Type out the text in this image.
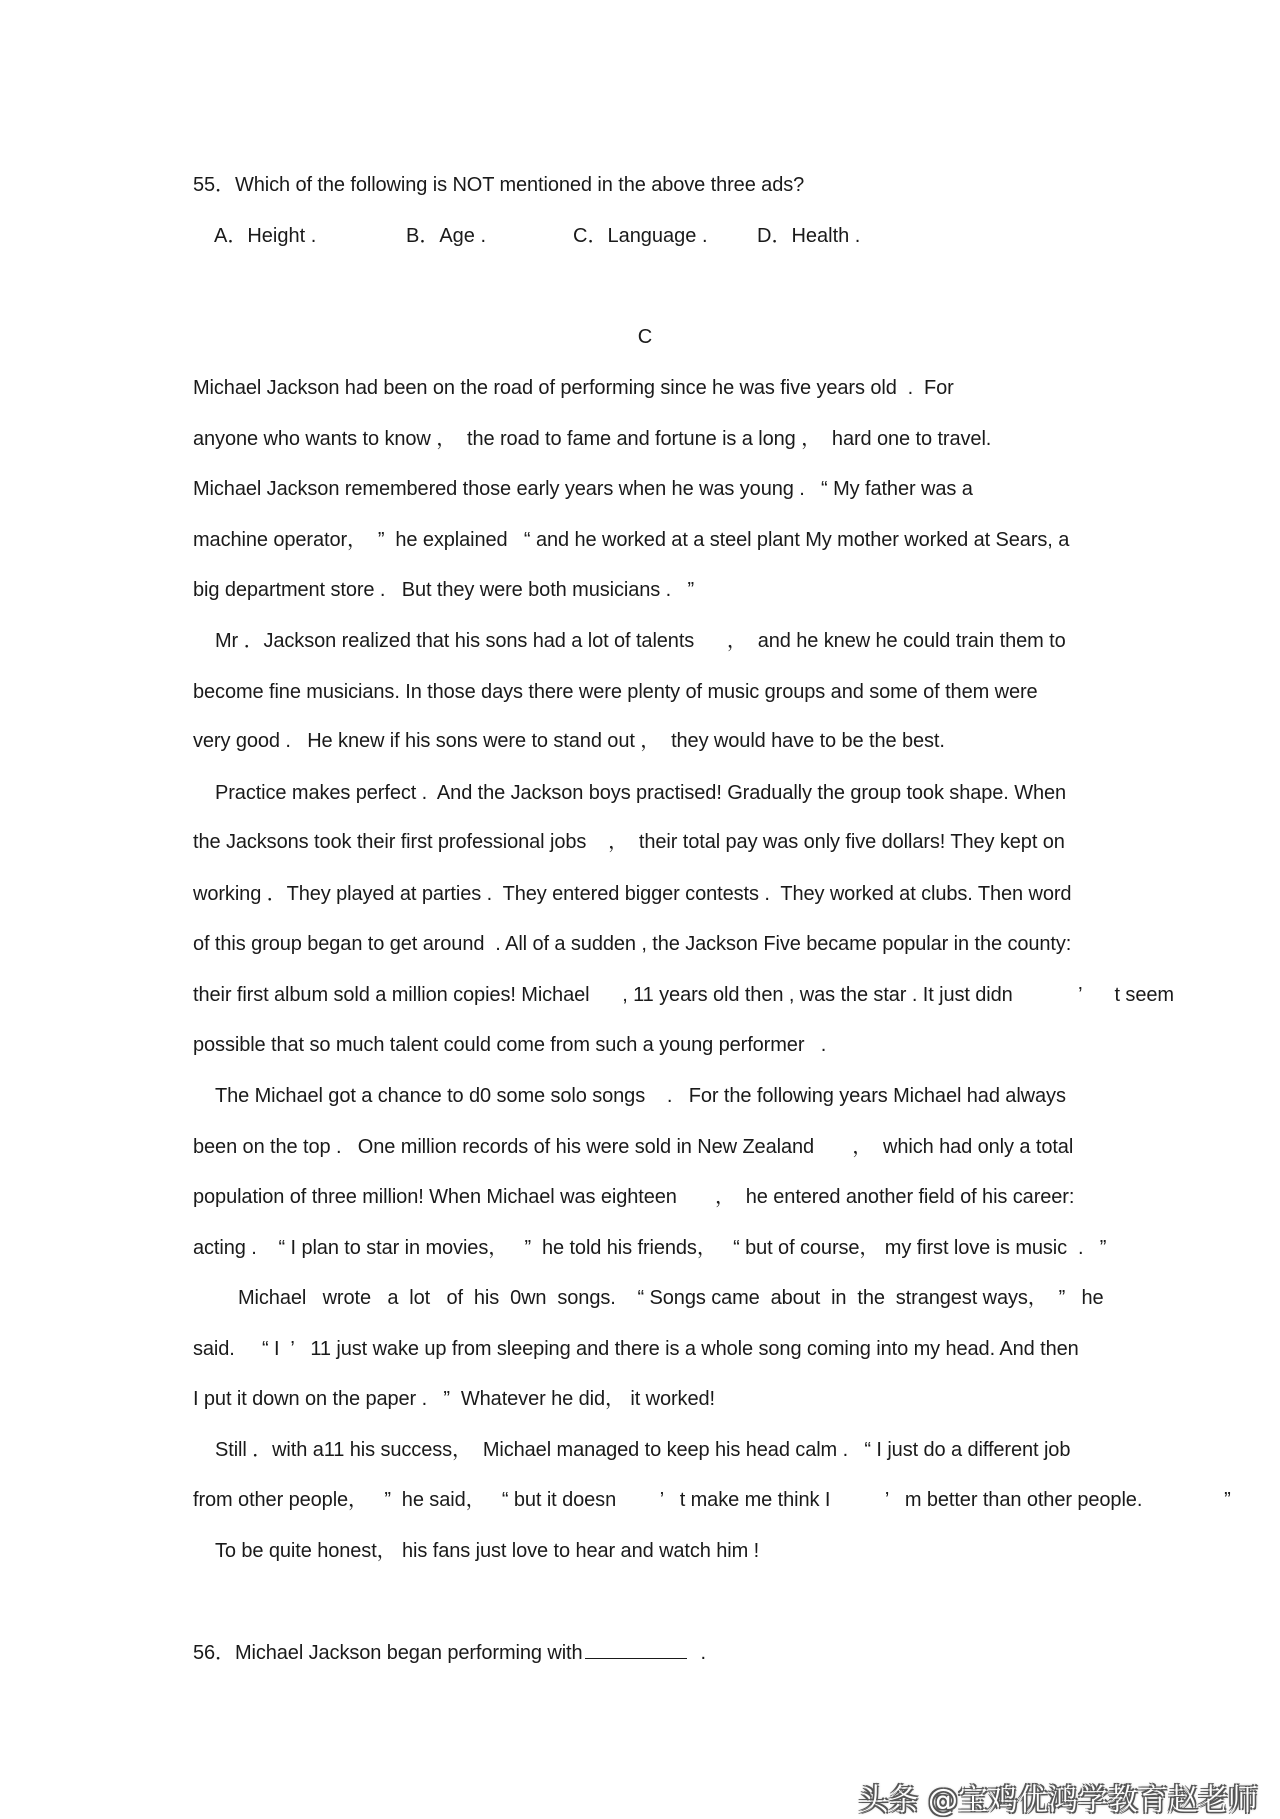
55．Which of the following is NOT mentioned in the above three ads?
A．Height .	B．Age .	C．Language . D．Health .
C
Michael Jackson had been on the road of performing since he was five years old  .  For
anyone who wants to know ，  the road to fame and fortune is a long ，  hard one to travel.
Michael Jackson remembered those early years when he was young .   “ My father was a
machine operator，  ”  he explained   “ and he worked at a steel plant My mother worked at Sears, a
big department store .   But they were both musicians .   ”
Mr ．Jackson realized that his sons had a lot of talents      ，  and he knew he could train them to
become fine musicians. In those days there were plenty of music groups and some of them were
very good .   He knew if his sons were to stand out ，  they would have to be the best.
Practice makes perfect .  And the Jackson boys practised! Gradually the group took shape. When
the Jacksons took their first professional jobs    ，  their total pay was only five dollars! They kept on
working ．They played at parties .  They entered bigger contests .  They worked at clubs. Then word
of this group began to get around  . All of a sudden , the Jackson Five became popular in the county:
their first album sold a million copies! Michael      , 11 years old then , was the star . It just didn            ’      t seem
possible that so much talent could come from such a young performer   .
The Michael got a chance to d0 some solo songs    .   For the following years Michael had always
been on the top .   One million records of his were sold in New Zealand       ，  which had only a total
population of three million! When Michael was eighteen       ，  he entered another field of his career:
acting .    “ I plan to star in movies，   ”  he told his friends，   “ but of course， my first love is music  .   ”
Michael   wrote   a  lot   of  his  0wn  songs.    “ Songs came  about  in  the  strangest ways，  ”   he
said.     “ I  ’   11 just wake up from sleeping and there is a whole song coming into my head. And then
I put it down on the paper .   ”  Whatever he did， it worked!
Still ．with a11 his success，  Michael managed to keep his head calm .   “ I just do a different job
from other people，   ”  he said，   “ but it doesn        ’   t make me think I          ’   m better than other people.               ”
To be quite honest， his fans just love to hear and watch him !
56．Michael Jackson began performing with	.
头条 @宝鸡优鸿学教育赵老师
